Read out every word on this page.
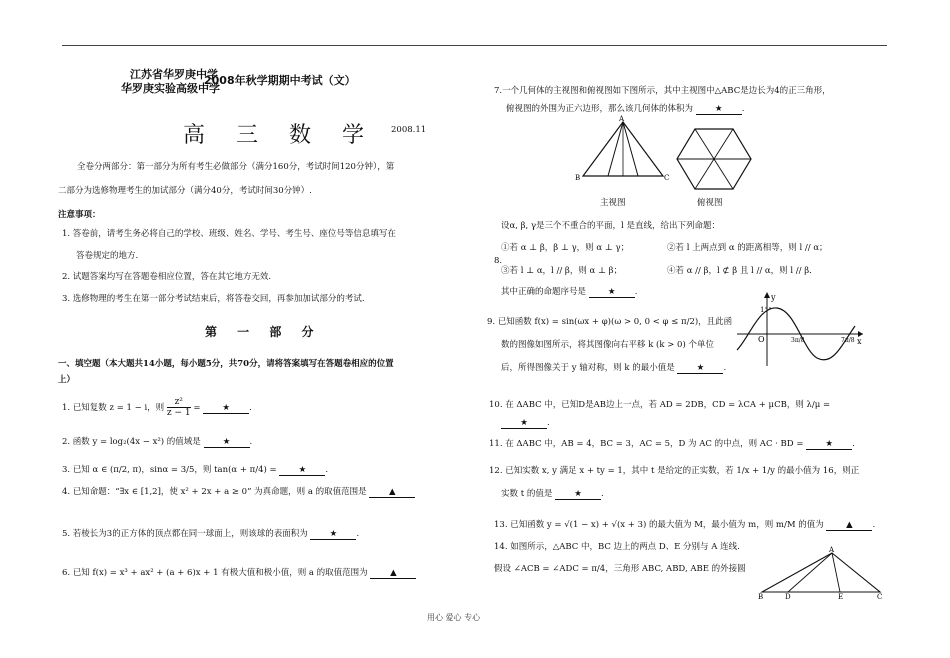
江苏省华罗庚中学
华罗庚实验高级中学
2008年秋学期期中考试（文）
高 三 数 学 2008.11
全卷分两部分：第一部分为所有考生必做部分（满分160分，考试时间120分钟），第
二部分为选修物理考生的加试部分（满分40分，考试时间30分钟）.
注意事项：
1. 答卷前，请考生务必将自己的学校、班级、姓名、学号、考生号、座位号等信息填写在
答卷规定的地方.
2. 试题答案均写在答题卷相应位置，答在其它地方无效.
3. 选修物理的考生在第一部分考试结束后，将答卷交回，再参加加试部分的考试.
第 一 部 分
一、填空题（本大题共14小题，每小题5分，共70分，请将答案填写在答题卷相应的位置
上）
1. 已知复数 z = 1 − i，则 $\frac{\text{z²}}{z - 1}$ =	★ .
2. 函数 y = log₂(4x − x²) 的值域是	★ .
3. 已知 α ∈ (π/2, π)，sinα = 3/5，则 tan(α + π/4) =	★ .
4. 已知命题：“∃x ∈ [1,2]，使 x² + 2x + a ≥ 0” 为真命题，则 a 的取值范围是	▲
5. 若棱长为3的正方体的顶点都在同一球面上，则该球的表面积为	★ .
6. 已知 f(x) = x³ + ax² + (a + 6)x + 1 有极大值和极小值，则 a 的取值范围为	▲
7.一个几何体的主视图和俯视图如下图所示，其中主视图中△ABC是边长为4的正三角形，
俯视图的外围为正六边形，那么该几何体的体积为	★ .
A
B	C
主视图	俯视图
设α, β, γ是三个不重合的平面，l 是直线，给出下列命题：
①若 α ⊥ β，β ⊥ γ，则 α ⊥ γ；	②若 l 上两点到 α 的距离相等，则 l // α；
8.
③若 l ⊥ α，l // β，则 α ⊥ β；	④若 α // β，l ⊄ β 且 l // α，则 l // β．
其中正确的命题序号是	★ .
9. 已知函数 f(x) = sin(ωx + φ)(ω > 0, 0 < φ ≤ π/2)，且此函
数的图像如图所示，将其图像向右平移 k (k > 0) 个单位
后，所得图像关于 y 轴对称，则 k 的最小值是	★ .
y
x
O
1
3π/8	7π/8
10. 在 ΔABC 中，已知D是AB边上一点，若 AD = 2DB，CD = λCA + μCB，则 λ/μ =
★ .
11. 在 ΔABC 中，AB = 4，BC = 3，AC = 5，D 为 AC 的中点，则 AC · BD =	★ .
12. 已知实数 x, y 满足 x + ty = 1，其中 t 是给定的正实数，若 1/x + 1/y 的最小值为 16，则正
实数 t 的值是	★ .
13. 已知函数 y = √(1 − x) + √(x + 3) 的最大值为 M，最小值为 m，则 m/M 的值为	▲ .
14. 如图所示，△ABC 中，BC 边上的两点 D、E 分别与 A 连线.
假设 ∠ACB = ∠ADC = π/4，三角形 ABC, ABD, ABE 的外接圆
A
B	D	E	C
用心 爱心 专心
